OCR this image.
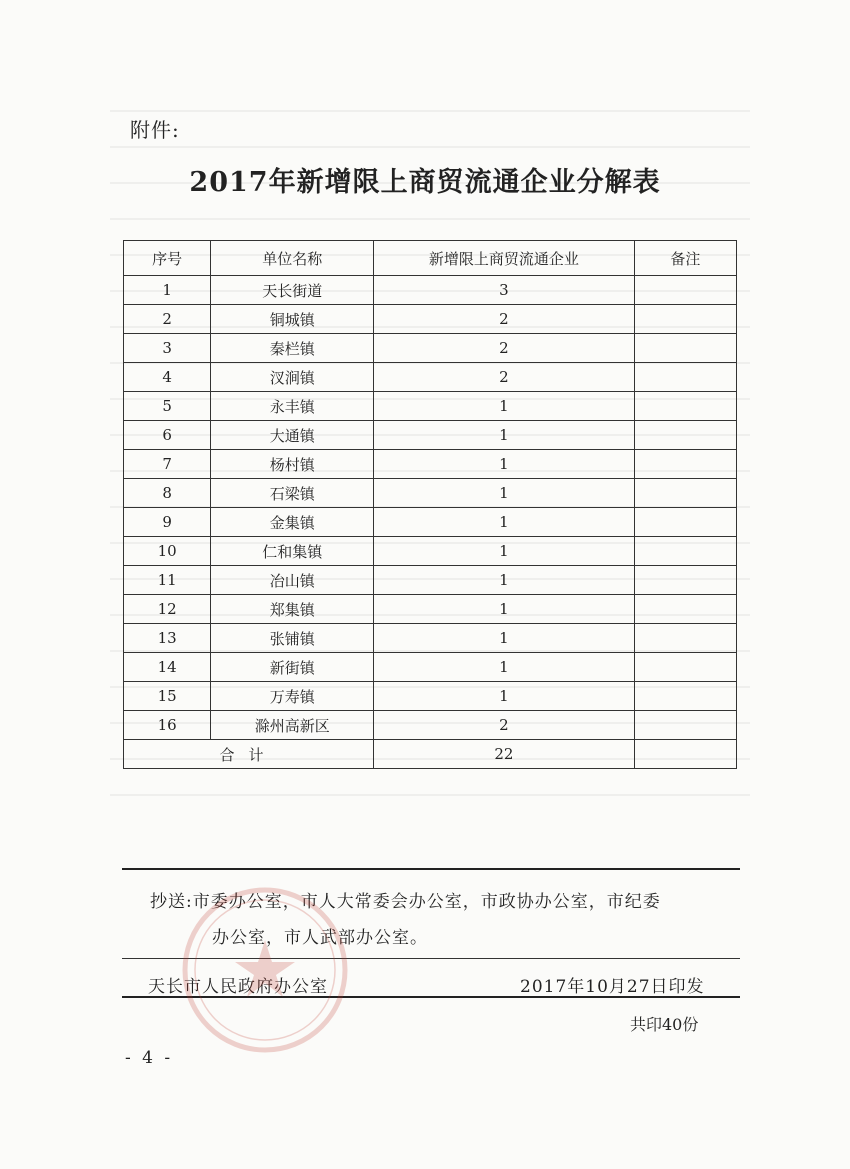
附件:
2017年新增限上商贸流通企业分解表
序号	单位名称	新增限上商贸流通企业	备注
1	天长街道	3	
2	铜城镇	2	
3	秦栏镇	2	
4	汊涧镇	2	
5	永丰镇	1	
6	大通镇	1	
7	杨村镇	1	
8	石梁镇	1	
9	金集镇	1	
10	仁和集镇	1	
11	冶山镇	1	
12	郑集镇	1	
13	张铺镇	1	
14	新街镇	1	
15	万寿镇	1	
16	滁州高新区	2	
合计		22	
抄送:市委办公室，市人大常委会办公室，市政协办公室，市纪委
办公室，市人武部办公室。
天长市人民政府办公室	2017年10月27日印发
共印40份
- 4 -
